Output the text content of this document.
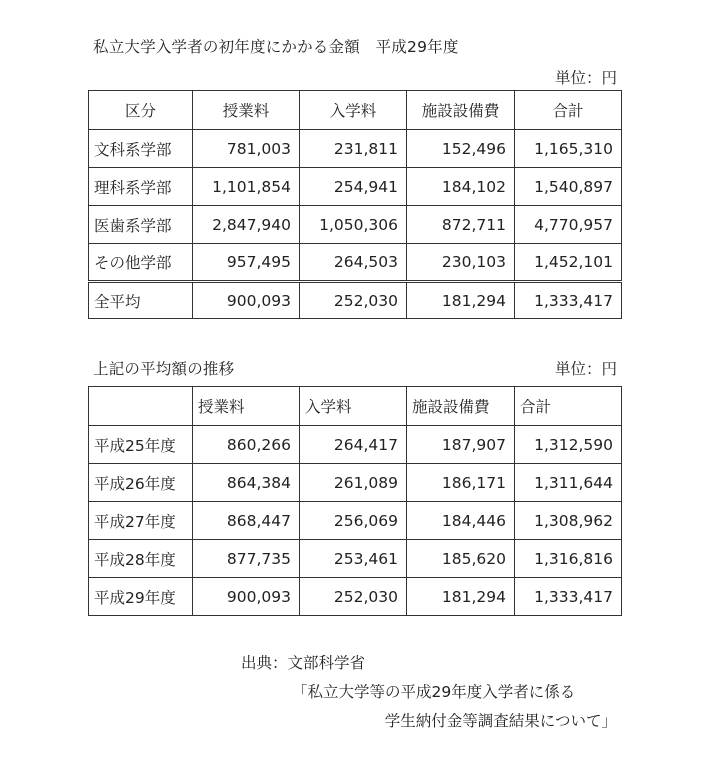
私立大学入学者の初年度にかかる金額　平成29年度
単位：円
区分	授業料	入学料	施設設備費	合計
文科系学部	781,003	231,811	152,496	1,165,310
理科系学部	1,101,854	254,941	184,102	1,540,897
医歯系学部	2,847,940	1,050,306	872,711	4,770,957
その他学部	957,495	264,503	230,103	1,452,101
全平均	900,093	252,030	181,294	1,333,417
上記の平均額の推移	単位：円
	授業料	入学料	施設設備費	合計
平成25年度	860,266	264,417	187,907	1,312,590
平成26年度	864,384	261,089	186,171	1,311,644
平成27年度	868,447	256,069	184,446	1,308,962
平成28年度	877,735	253,461	185,620	1,316,816
平成29年度	900,093	252,030	181,294	1,333,417
出典：文部科学省
「私立大学等の平成29年度入学者に係る
学生納付金等調査結果について」
